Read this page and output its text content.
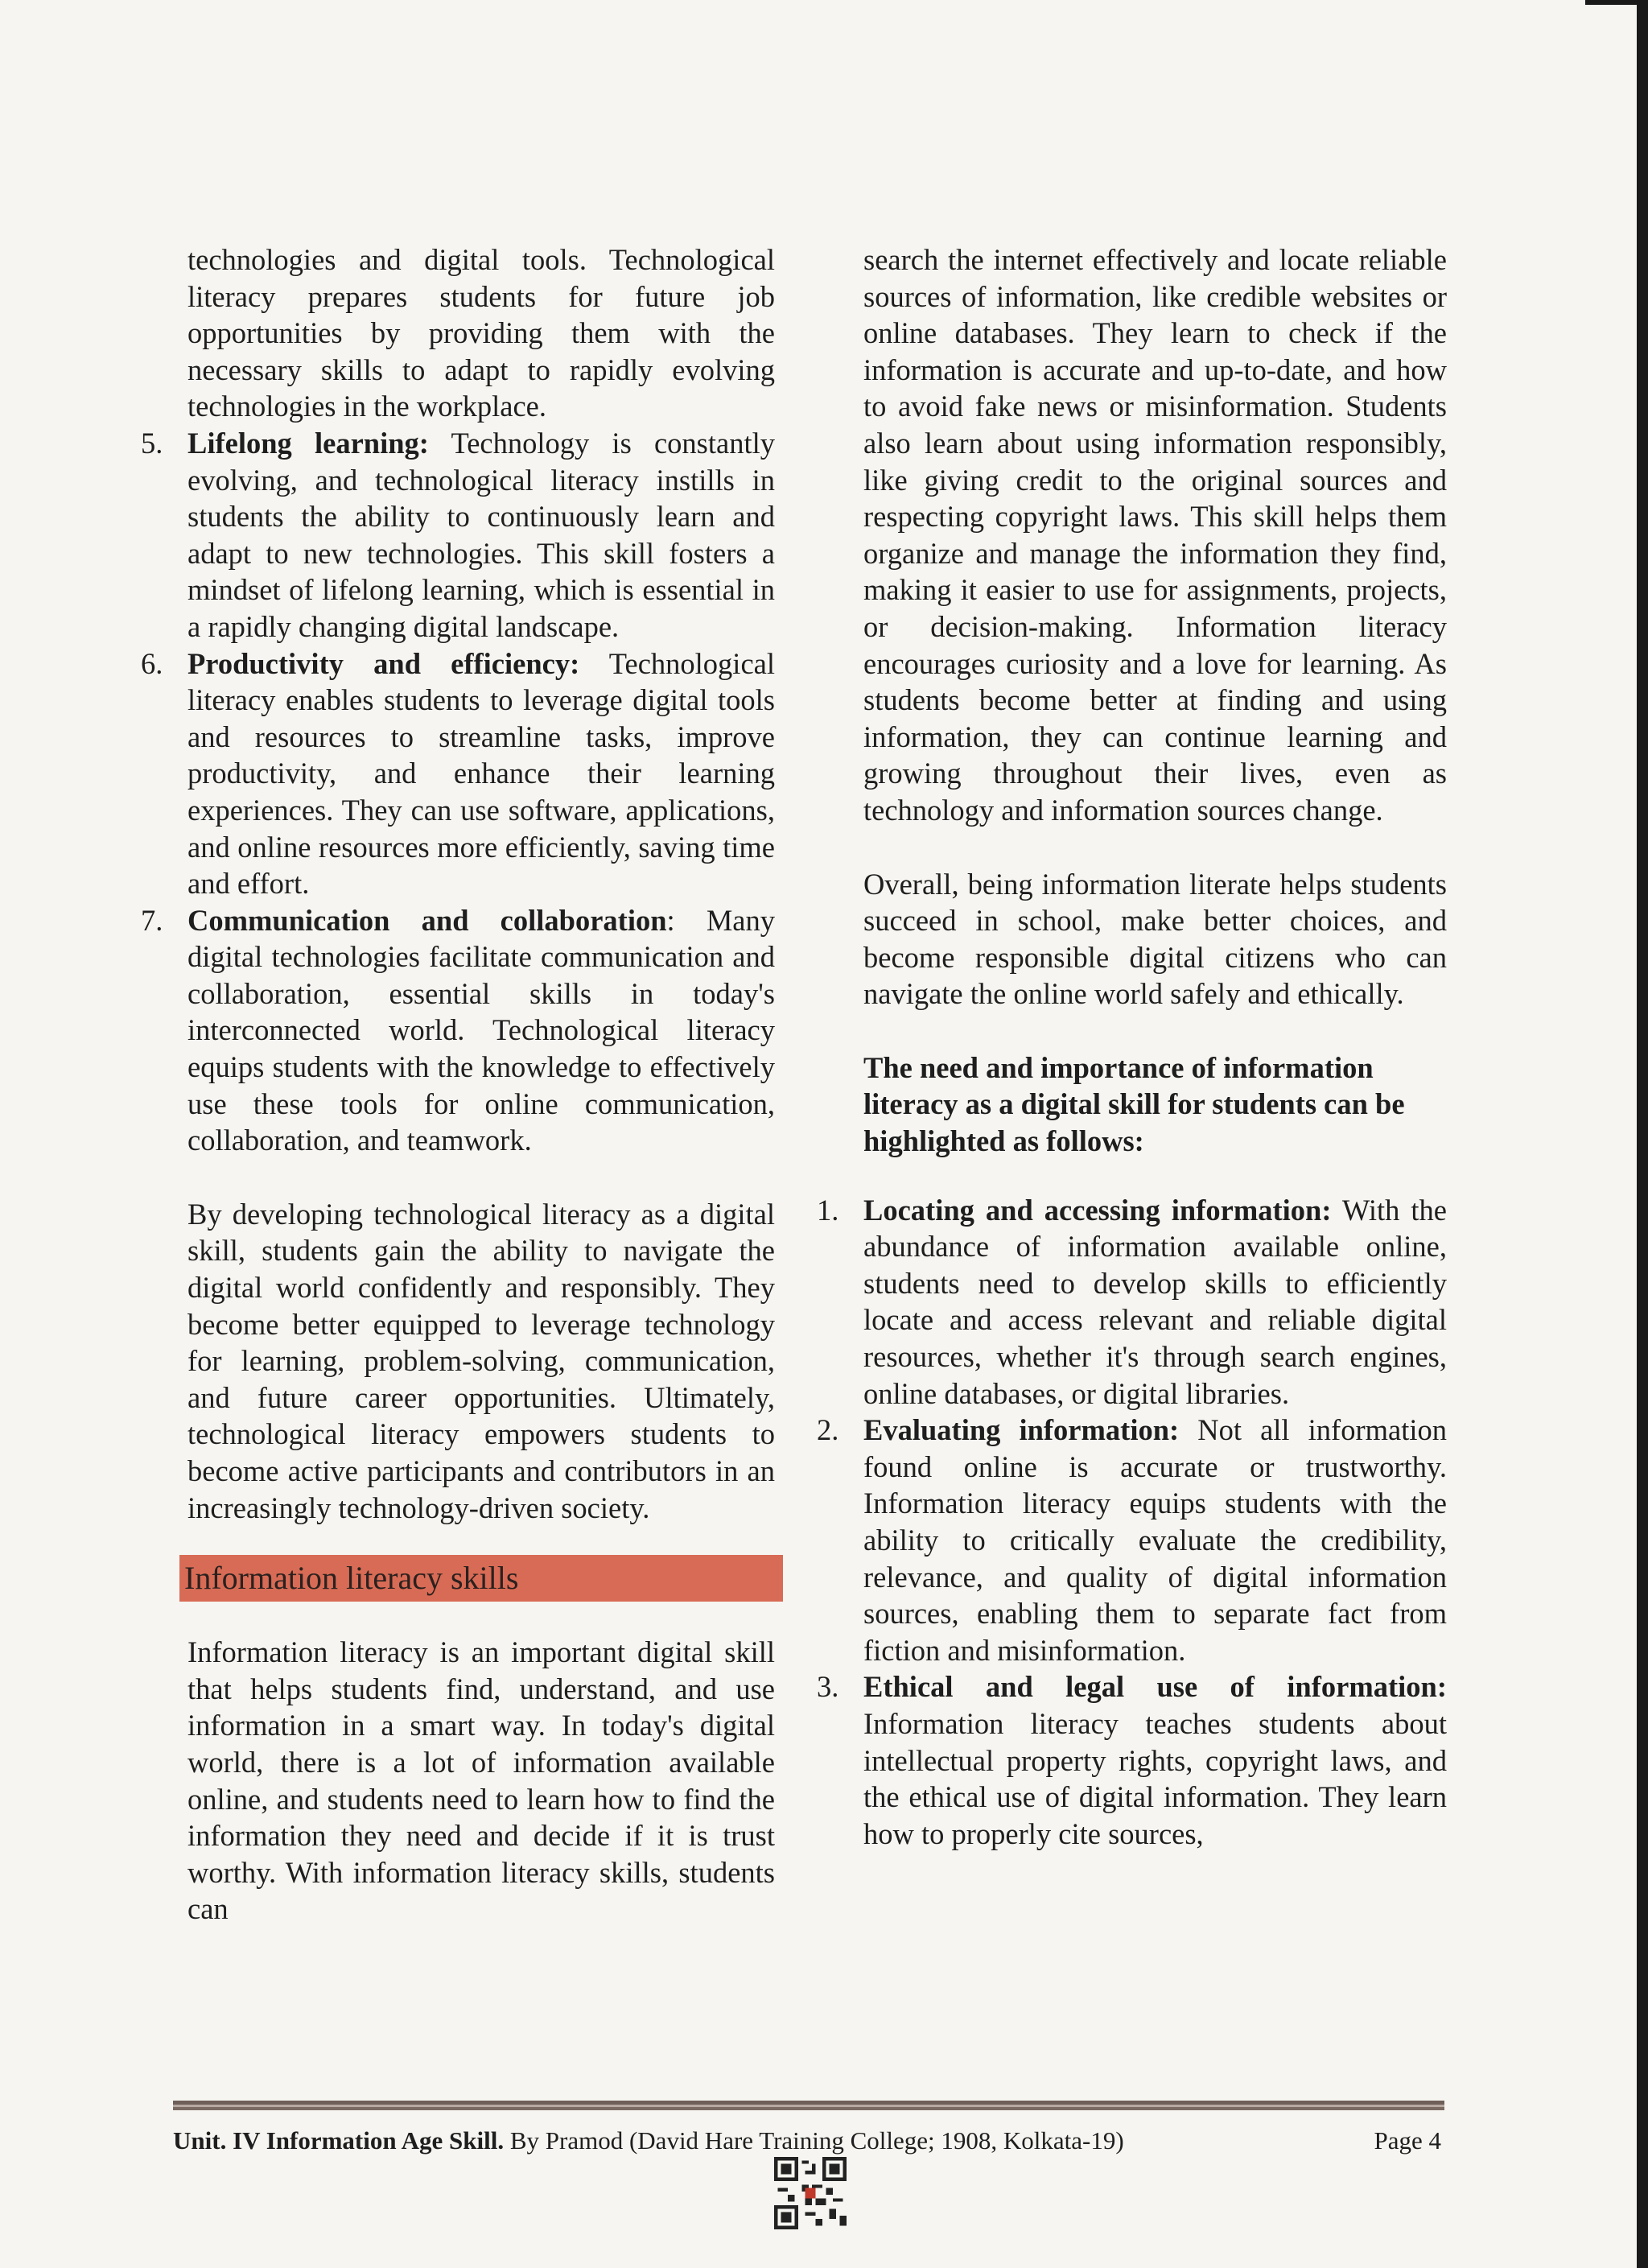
technologies and digital tools. Technological literacy prepares students for future job opportunities by providing them with the necessary skills to adapt to rapidly evolving technologies in the workplace.

5. Lifelong learning: Technology is constantly evolving, and technological literacy instills in students the ability to continuously learn and adapt to new technologies. This skill fosters a mindset of lifelong learning, which is essential in a rapidly changing digital landscape.
6. Productivity and efficiency: Technological literacy enables students to leverage digital tools and resources to streamline tasks, improve productivity, and enhance their learning experiences. They can use software, applications, and online resources more efficiently, saving time and effort.
7. Communication and collaboration: Many digital technologies facilitate communication and collaboration, essential skills in today's interconnected world. Technological literacy equips students with the knowledge to effectively use these tools for online communication, collaboration, and teamwork.

By developing technological literacy as a digital skill, students gain the ability to navigate the digital world confidently and responsibly. They become better equipped to leverage technology for learning, problem-solving, communication, and future career opportunities. Ultimately, technological literacy empowers students to become active participants and contributors in an increasingly technology-driven society.

Information literacy skills

Information literacy is an important digital skill that helps students find, understand, and use information in a smart way. In today's digital world, there is a lot of information available online, and students need to learn how to find the information they need and decide if it is trust worthy. With information literacy skills, students can

search the internet effectively and locate reliable sources of information, like credible websites or online databases. They learn to check if the information is accurate and up-to-date, and how to avoid fake news or misinformation. Students also learn about using information responsibly, like giving credit to the original sources and respecting copyright laws. This skill helps them organize and manage the information they find, making it easier to use for assignments, projects, or decision-making. Information literacy encourages curiosity and a love for learning. As students become better at finding and using information, they can continue learning and growing throughout their lives, even as technology and information sources change.

Overall, being information literate helps students succeed in school, make better choices, and become responsible digital citizens who can navigate the online world safely and ethically.

The need and importance of information literacy as a digital skill for students can be highlighted as follows:

1. Locating and accessing information: With the abundance of information available online, students need to develop skills to efficiently locate and access relevant and reliable digital resources, whether it's through search engines, online databases, or digital libraries.
2. Evaluating information: Not all information found online is accurate or trustworthy. Information literacy equips students with the ability to critically evaluate the credibility, relevance, and quality of digital information sources, enabling them to separate fact from fiction and misinformation.
3. Ethical and legal use of information: Information literacy teaches students about intellectual property rights, copyright laws, and the ethical use of digital information. They learn how to properly cite sources,
Unit. IV Information Age Skill. By Pramod (David Hare Training College; 1908, Kolkata-19)	Page 4
